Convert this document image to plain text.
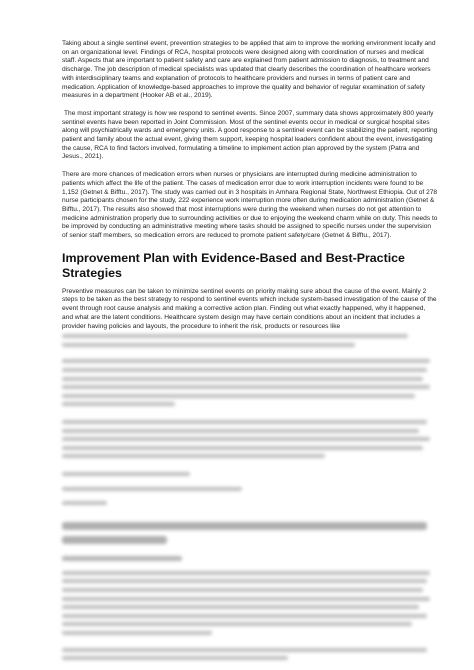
Taking about a single sentinel event, prevention strategies to be applied that aim to improve the working environment locally and on an organizational level. Findings of RCA, hospital protocols were designed along with coordination of nurses and medical staff. Aspects that are important to patient safety and care are explained from patient admission to diagnosis, to treatment and discharge. The job description of medical specialists was updated that clearly describes the coordination of healthcare workers with interdisciplinary teams and explanation of protocols to healthcare providers and nurses in terms of patient care and medication. Application of knowledge-based approaches to improve the quality and behavior of regular examination of safety measures in a department (Hooker AB et al., 2019).

The most important strategy is how we respond to sentinel events. Since 2007, summary data shows approximately 800 yearly sentinel events have been reported in Joint Commission. Most of the sentinel events occur in medical or surgical hospital sites along will psychiatrically wards and emergency units. A good response to a sentinel event can be stabilizing the patient, reporting patient and family about the actual event, giving them support, keeping hospital leaders confident about the event, investigating the cause, RCA to find factors involved, formulating a timeline to implement action plan approved by the system (Patra and Jesus., 2021).

There are more chances of medication errors when nurses or physicians are interrupted during medicine administration to patients which affect the life of the patient. The cases of medication error due to work interruption incidents were found to be 1,152 (Getnet & Bifftu., 2017). The study was carried out in 3 hospitals in Amhara Regional State, Northwest Ethiopia. Out of 278 nurse participants chosen for the study, 222 experience work interruption more often during medication administration (Getnet & Bifftu., 2017). The results also showed that most interruptions were during the weekend when nurses do not get attention to medicine administration properly due to surrounding activities or due to enjoying the weekend charm while on duty. This needs to be improved by conducting an administrative meeting where tasks should be assigned to specific nurses under the supervision of senior staff members, so medication errors are reduced to promote patient safety/care (Getnet & Bifftu., 2017).

Improvement Plan with Evidence-Based and Best-Practice Strategies

Preventive measures can be taken to minimize sentinel events on priority making sure about the cause of the event. Mainly 2 steps to be taken as the best strategy to respond to sentinel events which include system-based investigation of the cause of the event through root cause analysis and making a corrective action plan. Finding out what exactly happened, why it happened, and what are the latent conditions. Healthcare system design may have certain conditions about an incident that includes a provider having policies and layouts, the procedure to inherit the risk, products or resources like
